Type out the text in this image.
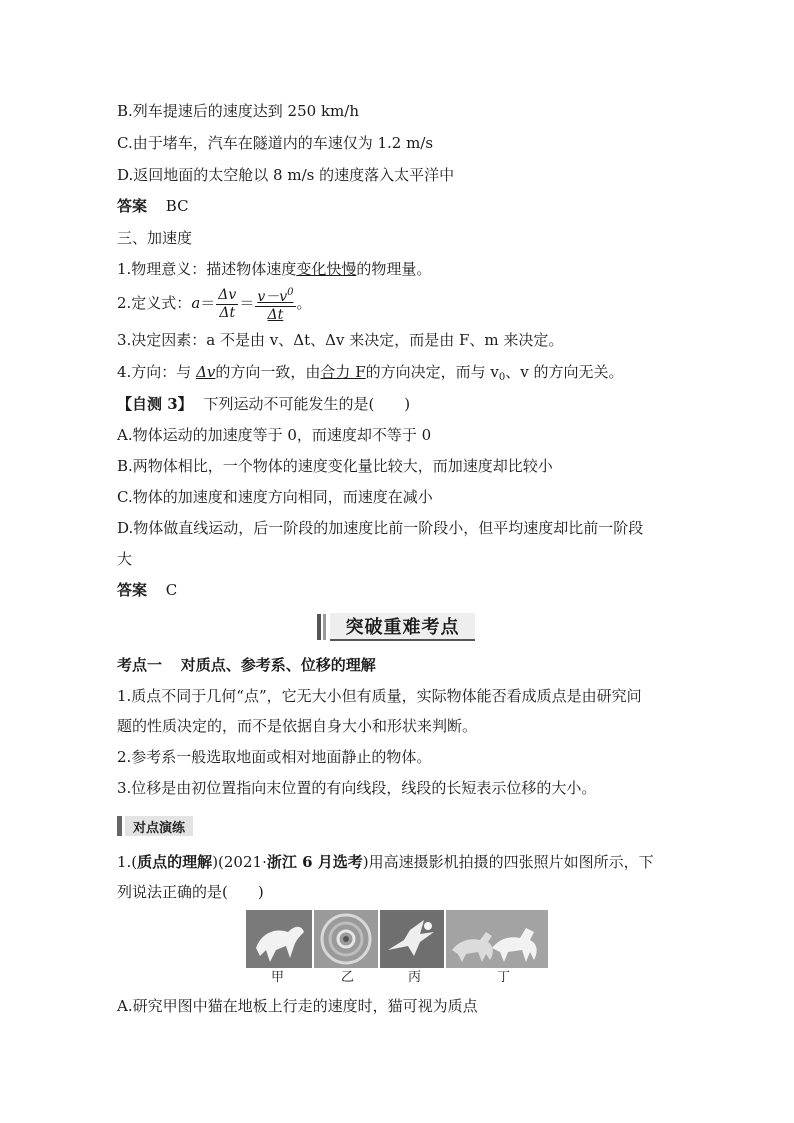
B.列车提速后的速度达到 250 km/h
C.由于堵车，汽车在隧道内的车速仅为 1.2 m/s
D.返回地面的太空舱以 8 m/s 的速度落入太平洋中
答案 BC
三、加速度
1.物理意义：描述物体速度变化快慢的物理量。
2.定义式：$a= \frac{\Delta v}{\Delta t} = \frac{v-v^0}{\Delta t}$ 。
3.决定因素：a 不是由 v、Δt、Δv 来决定，而是由 F、m 来决定。
4.方向：与 Δv的方向一致，由合力 F的方向决定，而与 $v_0$、v 的方向无关。
【自测 3】 下列运动不可能发生的是(　　)
A.物体运动的加速度等于 0，而速度却不等于 0
B.两物体相比，一个物体的速度变化量比较大，而加速度却比较小
C.物体的加速度和速度方向相同，而速度在减小
D.物体做直线运动，后一阶段的加速度比前一阶段小，但平均速度却比前一阶段
大
答案 C
突破重难考点
考点一 对质点、参考系、位移的理解
1.质点不同于几何“点”，它无大小但有质量，实际物体能否看成质点是由研究问
题的性质决定的，而不是依据自身大小和形状来判断。
2.参考系一般选取地面或相对地面静止的物体。
3.位移是由初位置指向末位置的有向线段，线段的长短表示位移的大小。
对点演练
1.(质点的理解)(2021·浙江 6 月选考)用高速摄影机拍摄的四张照片如图所示，下
列说法正确的是(　　)
甲	乙	丙	丁
A.研究甲图中猫在地板上行走的速度时，猫可视为质点
